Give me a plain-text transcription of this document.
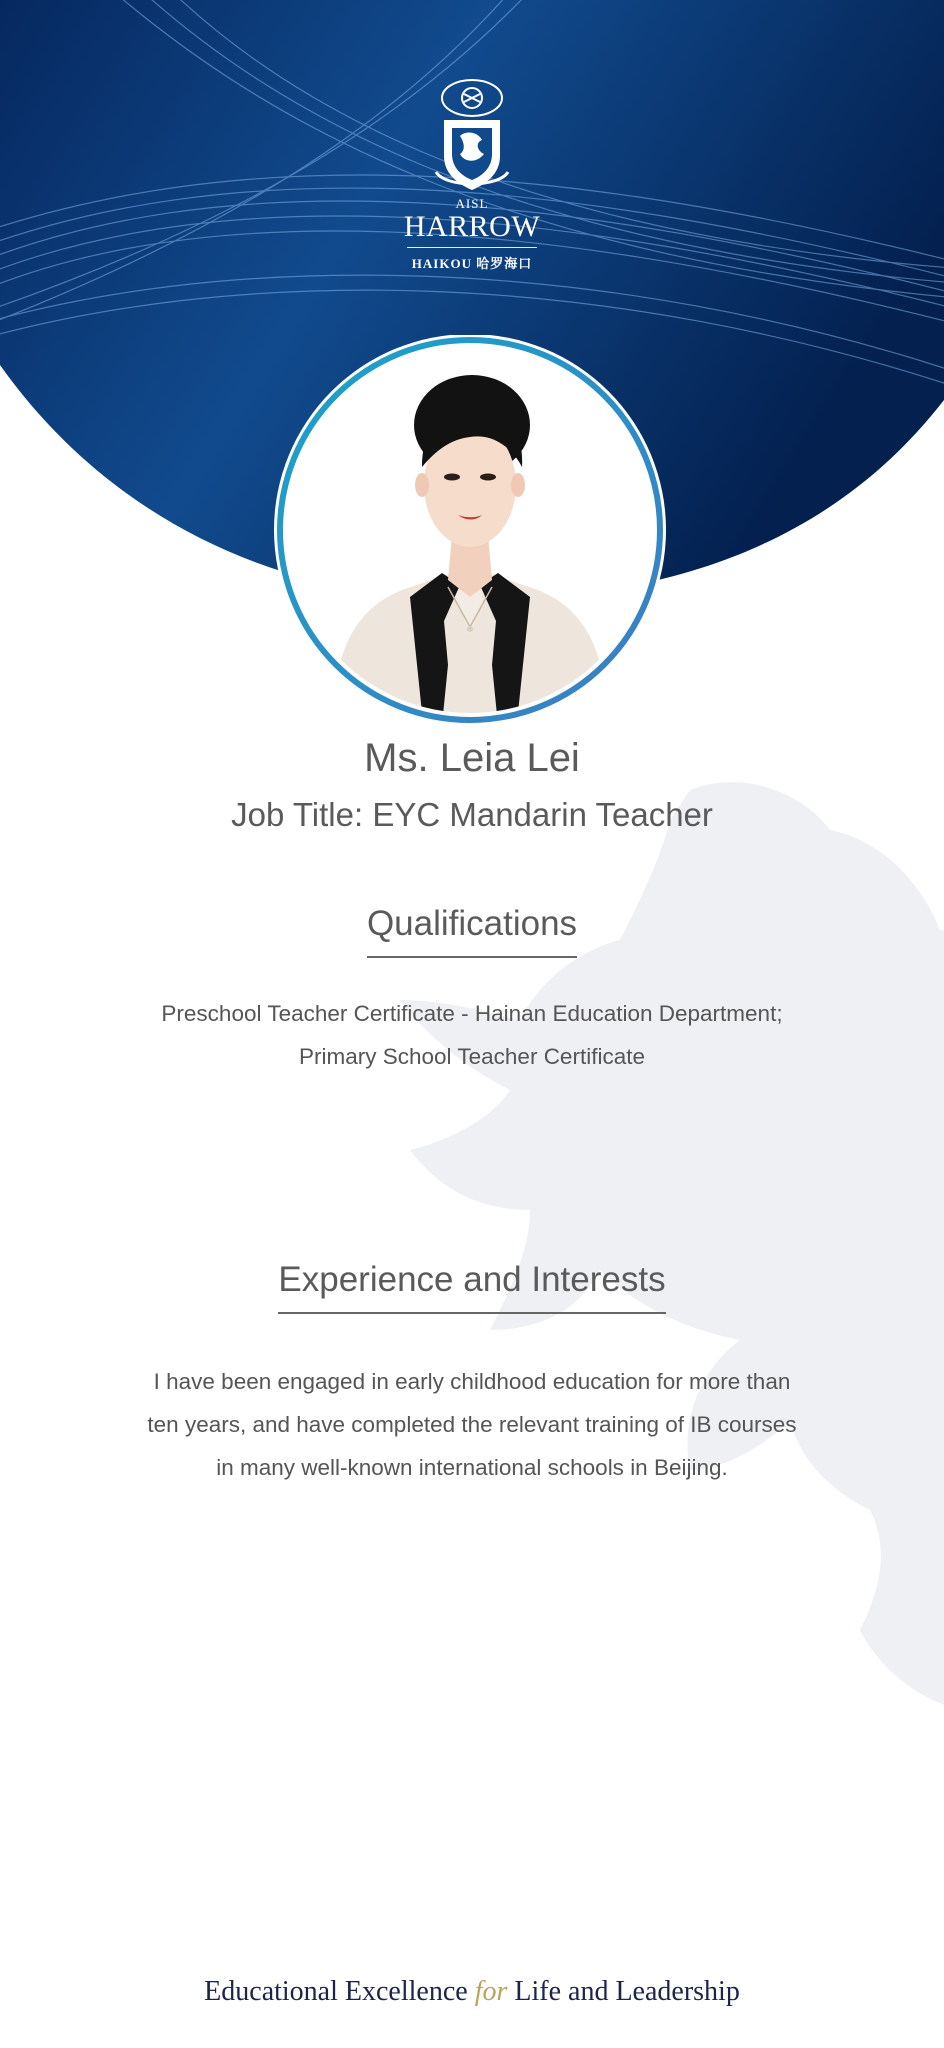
AISL
HARROW
HAIKOU 哈罗海口
Ms. Leia Lei
Job Title: EYC Mandarin Teacher
Qualifications
Preschool Teacher Certificate - Hainan Education Department;
Primary School Teacher Certificate
Experience and Interests
I have been engaged in early childhood education for more than
ten years, and have completed the relevant training of IB courses
in many well-known international schools in Beijing.
Educational Excellence for Life and Leadership
